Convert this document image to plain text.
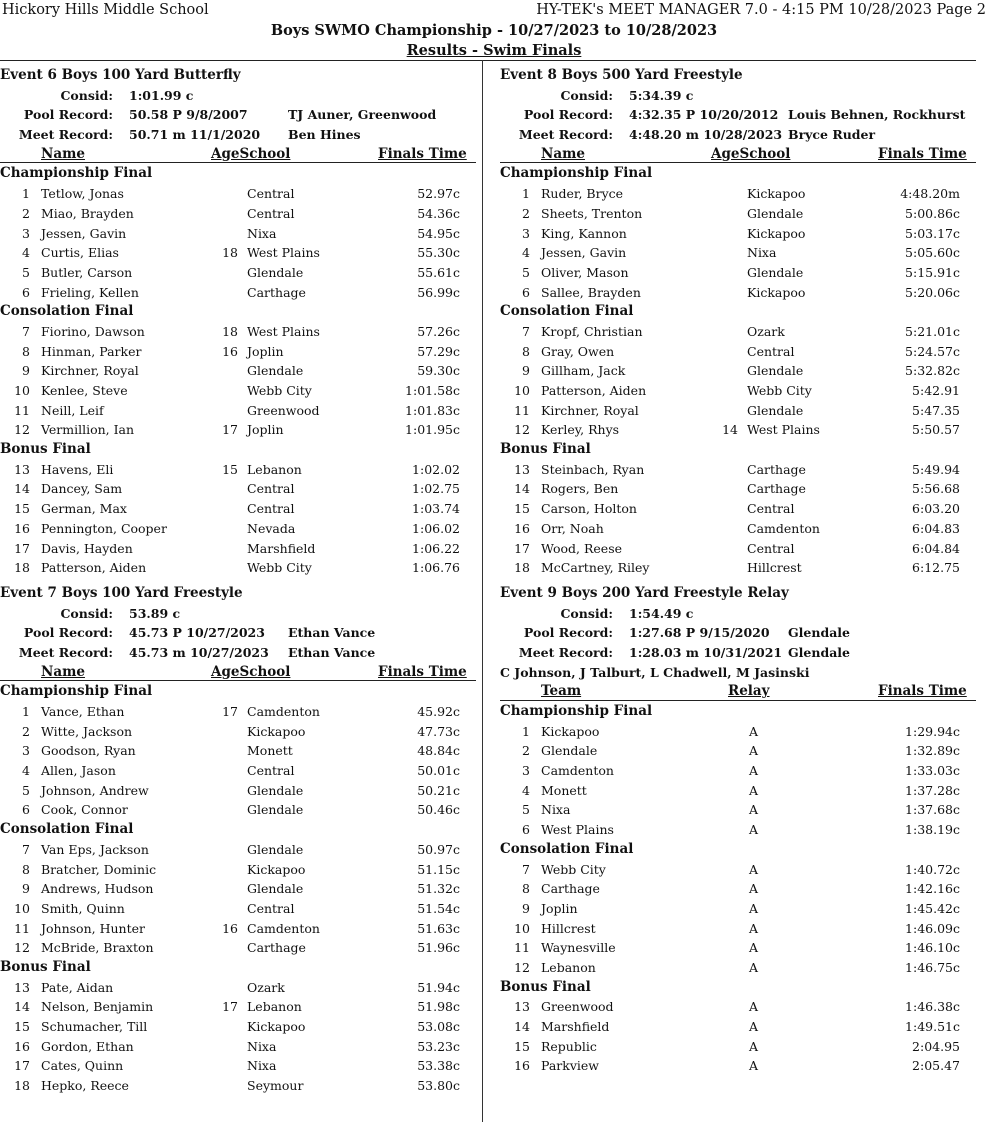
Hickory Hills Middle School	HY-TEK's MEET MANAGER 7.0 - 4:15 PM 10/28/2023 Page 2
Boys SWMO Championship - 10/27/2023 to 10/28/2023
Results - Swim Finals
Event 6 Boys 100 Yard Butterfly
Consid: 1:01.99 c
Pool Record: 50.58 P 9/8/2007	TJ Auner, Greenwood
Meet Record: 50.71 m 11/1/2020 Ben Hines
Name	AgeSchool	Finals Time
Championship Final
1 Tetlow, Jonas	Central	52.97c
2 Miao, Brayden	Central	54.36c
3 Jessen, Gavin	Nixa	54.95c
4 Curtis, Elias	18 West Plains	55.30c
5 Butler, Carson	Glendale	55.61c
6 Frieling, Kellen	Carthage	56.99c
Consolation Final
7 Fiorino, Dawson	18 West Plains	57.26c
8 Hinman, Parker	16 Joplin	57.29c
9 Kirchner, Royal	Glendale	59.30c
10 Kenlee, Steve	Webb City	1:01.58c
11 Neill, Leif	Greenwood	1:01.83c
12 Vermillion, Ian	17 Joplin	1:01.95c
Bonus Final
13 Havens, Eli	15 Lebanon	1:02.02
14 Dancey, Sam	Central	1:02.75
15 German, Max	Central	1:03.74
16 Pennington, Cooper	Nevada	1:06.02
17 Davis, Hayden	Marshfield	1:06.22
18 Patterson, Aiden	Webb City	1:06.76
Event 7 Boys 100 Yard Freestyle
Consid: 53.89 c
Pool Record: 45.73 P 10/27/2023 Ethan Vance
Meet Record: 45.73 m 10/27/2023 Ethan Vance
Name	AgeSchool	Finals Time
Championship Final
1 Vance, Ethan	17 Camdenton	45.92c
2 Witte, Jackson	Kickapoo	47.73c
3 Goodson, Ryan	Monett	48.84c
4 Allen, Jason	Central	50.01c
5 Johnson, Andrew	Glendale	50.21c
6 Cook, Connor	Glendale	50.46c
Consolation Final
7 Van Eps, Jackson	Glendale	50.97c
8 Bratcher, Dominic	Kickapoo	51.15c
9 Andrews, Hudson	Glendale	51.32c
10 Smith, Quinn	Central	51.54c
11 Johnson, Hunter	16 Camdenton	51.63c
12 McBride, Braxton	Carthage	51.96c
Bonus Final
13 Pate, Aidan	Ozark	51.94c
14 Nelson, Benjamin	17 Lebanon	51.98c
15 Schumacher, Till	Kickapoo	53.08c
16 Gordon, Ethan	Nixa	53.23c
17 Cates, Quinn	Nixa	53.38c
18 Hepko, Reece	Seymour	53.80c
Event 8 Boys 500 Yard Freestyle
Consid: 5:34.39 c
Pool Record: 4:32.35 P 10/20/2012 Louis Behnen, Rockhurst
Meet Record: 4:48.20 m 10/28/2023 Bryce Ruder
Name	AgeSchool	Finals Time
Championship Final
1 Ruder, Bryce	Kickapoo	4:48.20m
2 Sheets, Trenton	Glendale	5:00.86c
3 King, Kannon	Kickapoo	5:03.17c
4 Jessen, Gavin	Nixa	5:05.60c
5 Oliver, Mason	Glendale	5:15.91c
6 Sallee, Brayden	Kickapoo	5:20.06c
Consolation Final
7 Kropf, Christian	Ozark	5:21.01c
8 Gray, Owen	Central	5:24.57c
9 Gillham, Jack	Glendale	5:32.82c
10 Patterson, Aiden	Webb City	5:42.91
11 Kirchner, Royal	Glendale	5:47.35
12 Kerley, Rhys	14 West Plains	5:50.57
Bonus Final
13 Steinbach, Ryan	Carthage	5:49.94
14 Rogers, Ben	Carthage	5:56.68
15 Carson, Holton	Central	6:03.20
16 Orr, Noah	Camdenton	6:04.83
17 Wood, Reese	Central	6:04.84
18 McCartney, Riley	Hillcrest	6:12.75
Event 9 Boys 200 Yard Freestyle Relay
Consid: 1:54.49 c
Pool Record: 1:27.68 P 9/15/2020 Glendale
Meet Record: 1:28.03 m 10/31/2021 Glendale
C Johnson, J Talburt, L Chadwell, M Jasinski
Team	Relay	Finals Time
Championship Final
1 Kickapoo	A	1:29.94c
2 Glendale	A	1:32.89c
3 Camdenton	A	1:33.03c
4 Monett	A	1:37.28c
5 Nixa	A	1:37.68c
6 West Plains	A	1:38.19c
Consolation Final
7 Webb City	A	1:40.72c
8 Carthage	A	1:42.16c
9 Joplin	A	1:45.42c
10 Hillcrest	A	1:46.09c
11 Waynesville	A	1:46.10c
12 Lebanon	A	1:46.75c
Bonus Final
13 Greenwood	A	1:46.38c
14 Marshfield	A	1:49.51c
15 Republic	A	2:04.95
16 Parkview	A	2:05.47
